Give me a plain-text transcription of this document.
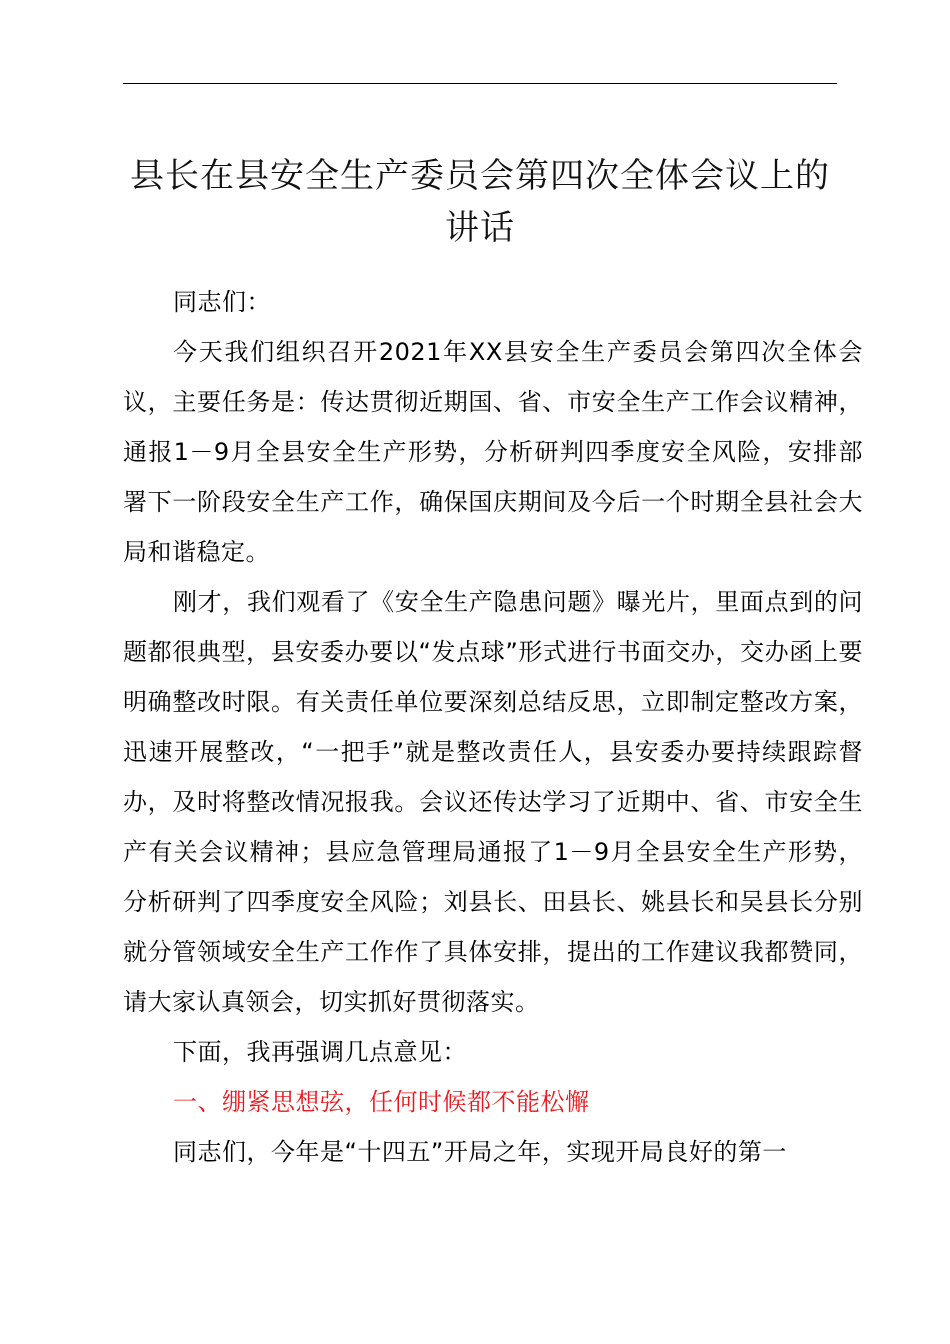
县长在县安全生产委员会第四次全体会议上的
讲话

同志们：

今天我们组织召开2021年XX县安全生产委员会第四次全体会议，主要任务是：传达贯彻近期国、省、市安全生产工作会议精神，通报1－9月全县安全生产形势，分析研判四季度安全风险，安排部署下一阶段安全生产工作，确保国庆期间及今后一个时期全县社会大局和谐稳定。

刚才，我们观看了《安全生产隐患问题》曝光片，里面点到的问题都很典型，县安委办要以“发点球”形式进行书面交办，交办函上要明确整改时限。有关责任单位要深刻总结反思，立即制定整改方案，迅速开展整改，“一把手”就是整改责任人，县安委办要持续跟踪督办，及时将整改情况报我。会议还传达学习了近期中、省、市安全生产有关会议精神；县应急管理局通报了1－9月全县安全生产形势，分析研判了四季度安全风险；刘县长、田县长、姚县长和吴县长分别就分管领域安全生产工作作了具体安排，提出的工作建议我都赞同，请大家认真领会，切实抓好贯彻落实。

下面，我再强调几点意见：

一、绷紧思想弦，任何时候都不能松懈

同志们，今年是“十四五”开局之年，实现开局良好的第一
